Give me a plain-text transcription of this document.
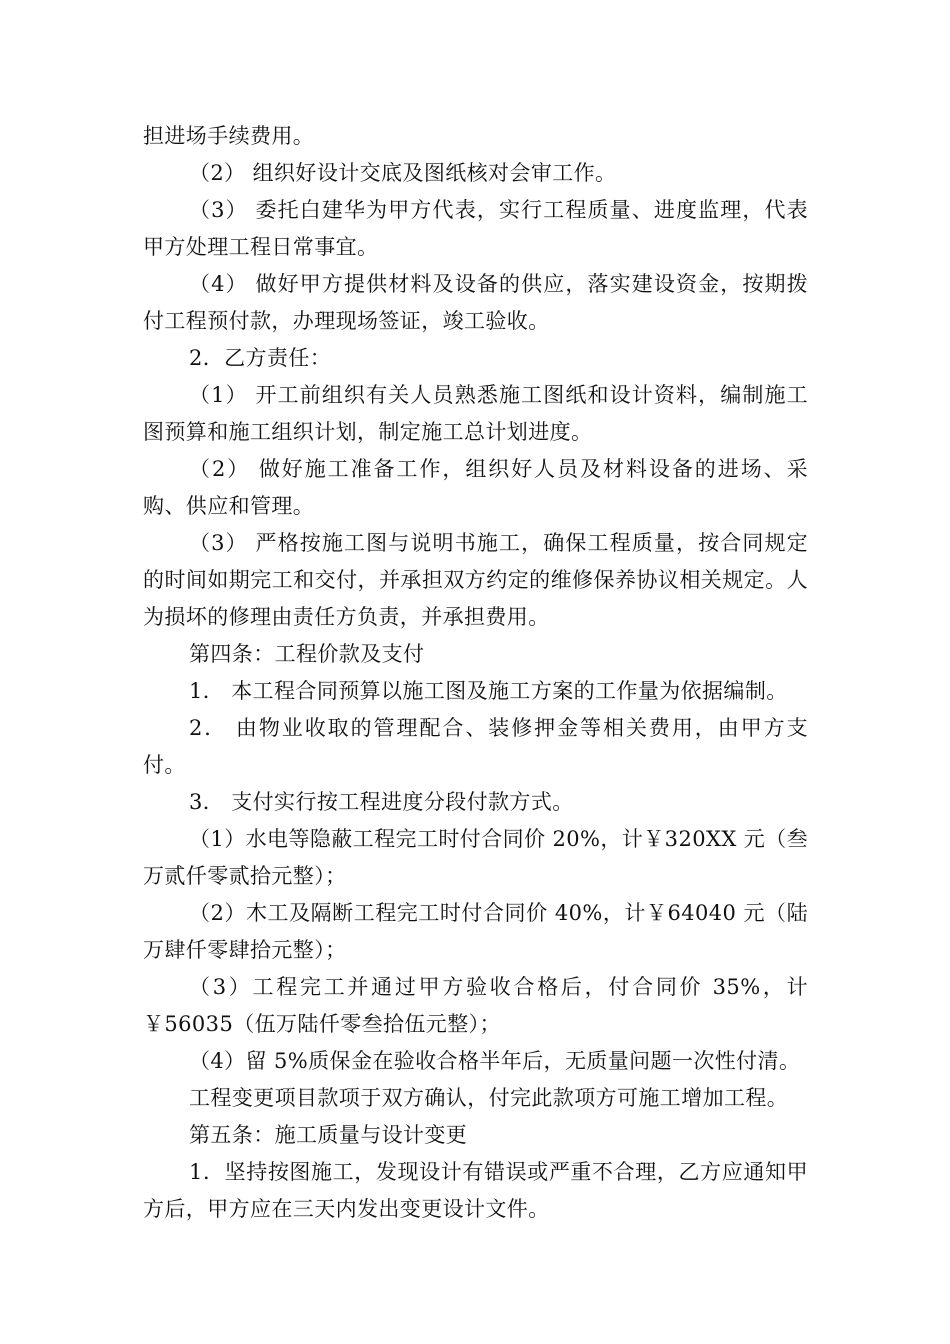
担进场手续费用。

（2） 组织好设计交底及图纸核对会审工作。

（3） 委托白建华为甲方代表，实行工程质量、进度监理，代表甲方处理工程日常事宜。

（4） 做好甲方提供材料及设备的供应，落实建设资金，按期拨付工程预付款，办理现场签证，竣工验收。

2．乙方责任：

（1） 开工前组织有关人员熟悉施工图纸和设计资料，编制施工图预算和施工组织计划，制定施工总计划进度。

（2） 做好施工准备工作，组织好人员及材料设备的进场、采购、供应和管理。

（3） 严格按施工图与说明书施工，确保工程质量，按合同规定的时间如期完工和交付，并承担双方约定的维修保养协议相关规定。人为损坏的修理由责任方负责，并承担费用。

第四条：工程价款及支付

1． 本工程合同预算以施工图及施工方案的工作量为依据编制。

2． 由物业收取的管理配合、装修押金等相关费用，由甲方支付。

3． 支付实行按工程进度分段付款方式。

（1）水电等隐蔽工程完工时付合同价 20%，计￥320XX 元（叁万贰仟零贰拾元整）；

（2）木工及隔断工程完工时付合同价 40%，计￥64040 元（陆万肆仟零肆拾元整）；

（3）工程完工并通过甲方验收合格后，付合同价 35%，计￥56035（伍万陆仟零叁拾伍元整）；

（4）留 5%质保金在验收合格半年后，无质量问题一次性付清。

工程变更项目款项于双方确认，付完此款项方可施工增加工程。

第五条：施工质量与设计变更

1．坚持按图施工，发现设计有错误或严重不合理，乙方应通知甲方后，甲方应在三天内发出变更设计文件。
